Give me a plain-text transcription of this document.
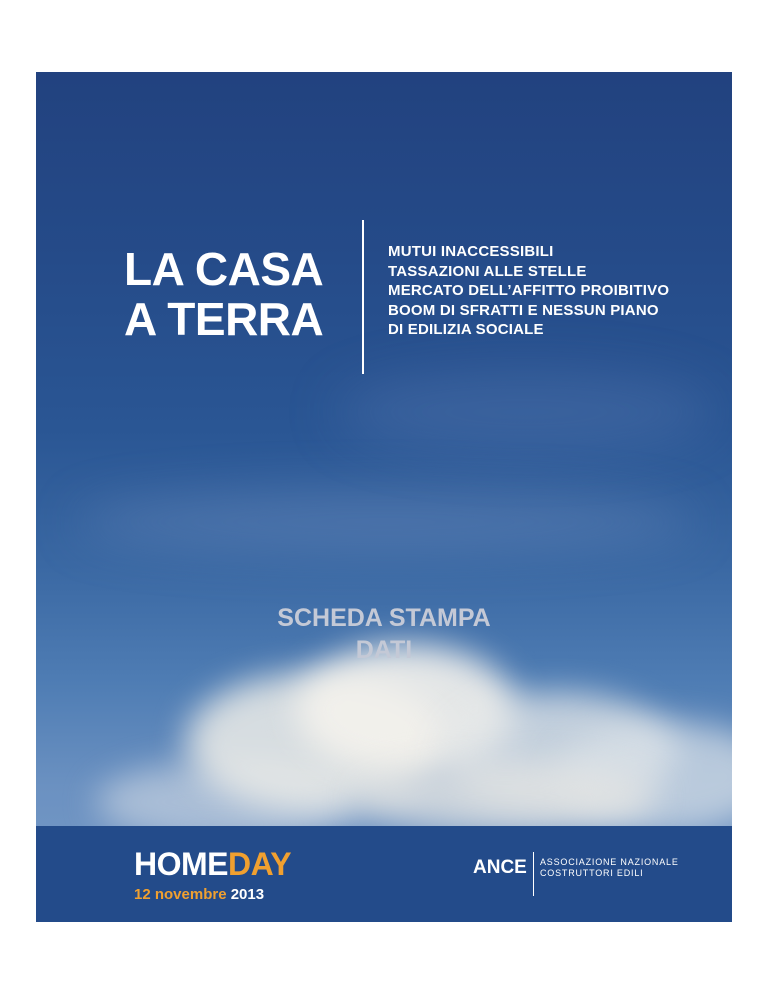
LA CASA
A TERRA
MUTUI INACCESSIBILI
TASSAZIONI ALLE STELLE
MERCATO DELL’AFFITTO PROIBITIVO
BOOM DI SFRATTI E NESSUN PIANO
DI EDILIZIA SOCIALE
SCHEDA STAMPA
DATI
HOMEDAY
12 novembre 2013
ANCE ASSOCIAZIONE NAZIONALE
COSTRUTTORI EDILI
